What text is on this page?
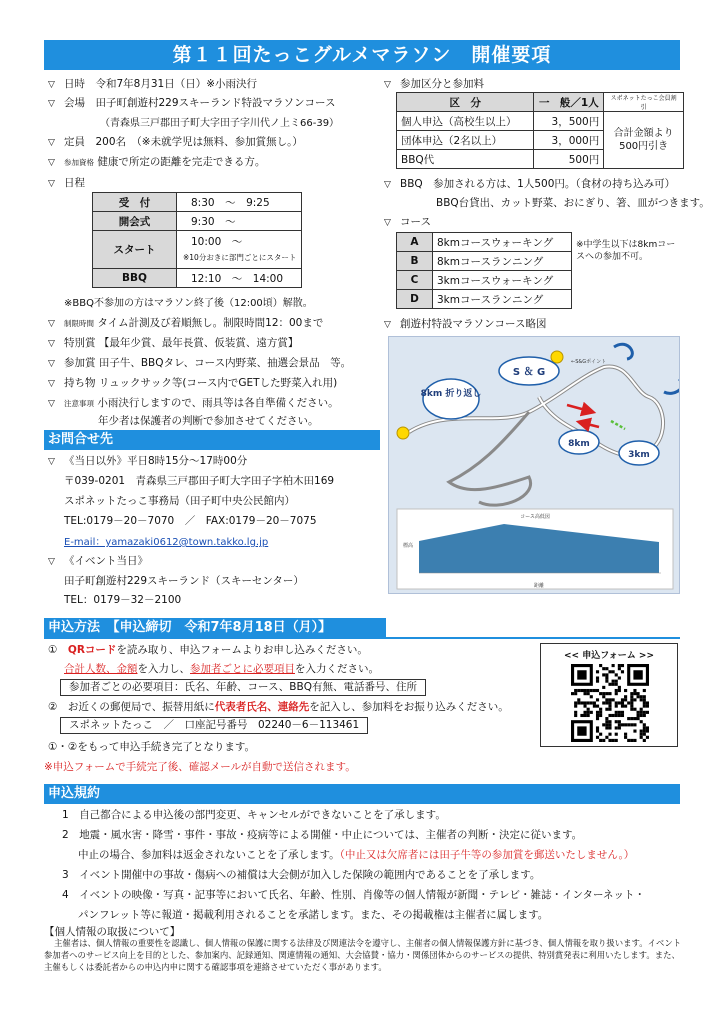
第１１回たっこグルメマラソン　開催要項
▽ 日時　 令和7年8月31日（日）※小雨決行
▽ 会場　 田子町創遊村229スキーランド特設マラソンコース
（青森県三戸郡田子町大字田子字川代ノ上ミ66-39）
▽ 定員　 200名　（※未就学児は無料、参加賞無し。）
▽ 参加資格 健康で所定の距離を完走できる方。
▽ 日程
受　付	8:30　～　9:25
開会式	9:30　～
スタート	10:00　～
※10分おきに部門ごとにスタート

BBQ	12:10　～　14:00
※BBQ不参加の方はマラソン終了後（12:00頃）解散。
▽ 制限時間 タイム計測及び着順無し。制限時間12：00まで
▽ 特別賞 【最年少賞、最年長賞、仮装賞、遠方賞】
▽ 参加賞 田子牛、BBQタレ、コース内野菜、抽選会景品　等。
▽ 持ち物 リュックサック等(コース内でGETした野菜入れ用)
▽ 注意事項 小雨決行しますので、雨具等は各自準備ください。
年少者は保護者の判断で参加させてください。
▽ 参加区分と参加料
区　分	一　般／1人	スポネットたっこ会員割引
個人申込（高校生以上）	3，500円	合計金額より500円引き
団体申込（2名以上）	3，000円	
BBQ代	500円	
▽ BBQ　 参加される方は、1人500円。（食材の持ち込み可）
BBQ台貸出、カット野菜、おにぎり、箸、皿がつきます。
▽ コース
A	8kmコースウォーキング
B	8kmコースランニング
C	3kmコースウォーキング
D	3kmコースランニング
※中学生以下は8kmコースへの参加不可。
▽ 創遊村特設マラソンコース略図
S ＆ G
←S&Gポイント
8km 折り返し
8km
3km
コース高低図
標高
距離
お問合せ先
▽ 《当日以外》平日8時15分～17時00分
〒039-0201　青森県三戸郡田子町大字田子字柏木田169
スポネットたっこ事務局（田子町中央公民館内）
TEL:0179－20－7070　／　FAX:0179－20－7075
E-mail：yamazaki0612@town.takko.lg.jp
▽ 《イベント当日》
田子町創遊村229スキーランド（スキーセンター）
TEL：0179－32－2100
申込方法　【申込締切　令和7年8月18日（月）】
①　 QRコードを読み取り、申込フォームよりお申し込みください。
合計人数、金額を入力し、参加者ごとに必要項目を入力ください。
参加者ごとの必要項目：氏名、年齢、コース、BBQ有無、電話番号、住所
②　 お近くの郵便局で、振替用紙に代表者氏名、連絡先を記入し、参加料をお振り込みください。
スポネットたっこ　／　口座記号番号　02240－6－113461
①・②をもって申込手続き完了となります。
※申込フォームで手続完了後、確認メールが自動で送信されます。
<< 申込フォーム >>
申込規約
1　 自己都合による申込後の部門変更、キャンセルができないことを了承します。
2　 地震・風水害・降雪・事件・事故・疫病等による開催・中止については、主催者の判断・決定に従います。
中止の場合、参加料は返金されないことを了承します。（中止又は欠席者には田子牛等の参加賞を郵送いたしません。）
3　 イベント開催中の事故・傷病への補償は大会側が加入した保険の範囲内であることを了承します。
4　 イベントの映像・写真・記事等において氏名、年齢、性別、肖像等の個人情報が新聞・テレビ・雑誌・インターネット・
パンフレット等に報道・掲載利用されることを承諾します。また、その掲載権は主催者に属します。
【個人情報の取扱について】
主催者は、個人情報の重要性を認識し、個人情報の保護に関する法律及び関連法令を遵守し、主催者の個人情報保護方針に基づき、個人情報を取り扱います。イベント参加者へのサービス向上を目的とした、参加案内、記録通知、関連情報の通知、大会協賛・協力・関係団体からのサービスの提供、特別賞発表に利用いたします。また、主催もしくは委託者からの申込内申に関する確認事項を連絡させていただく事があります。
